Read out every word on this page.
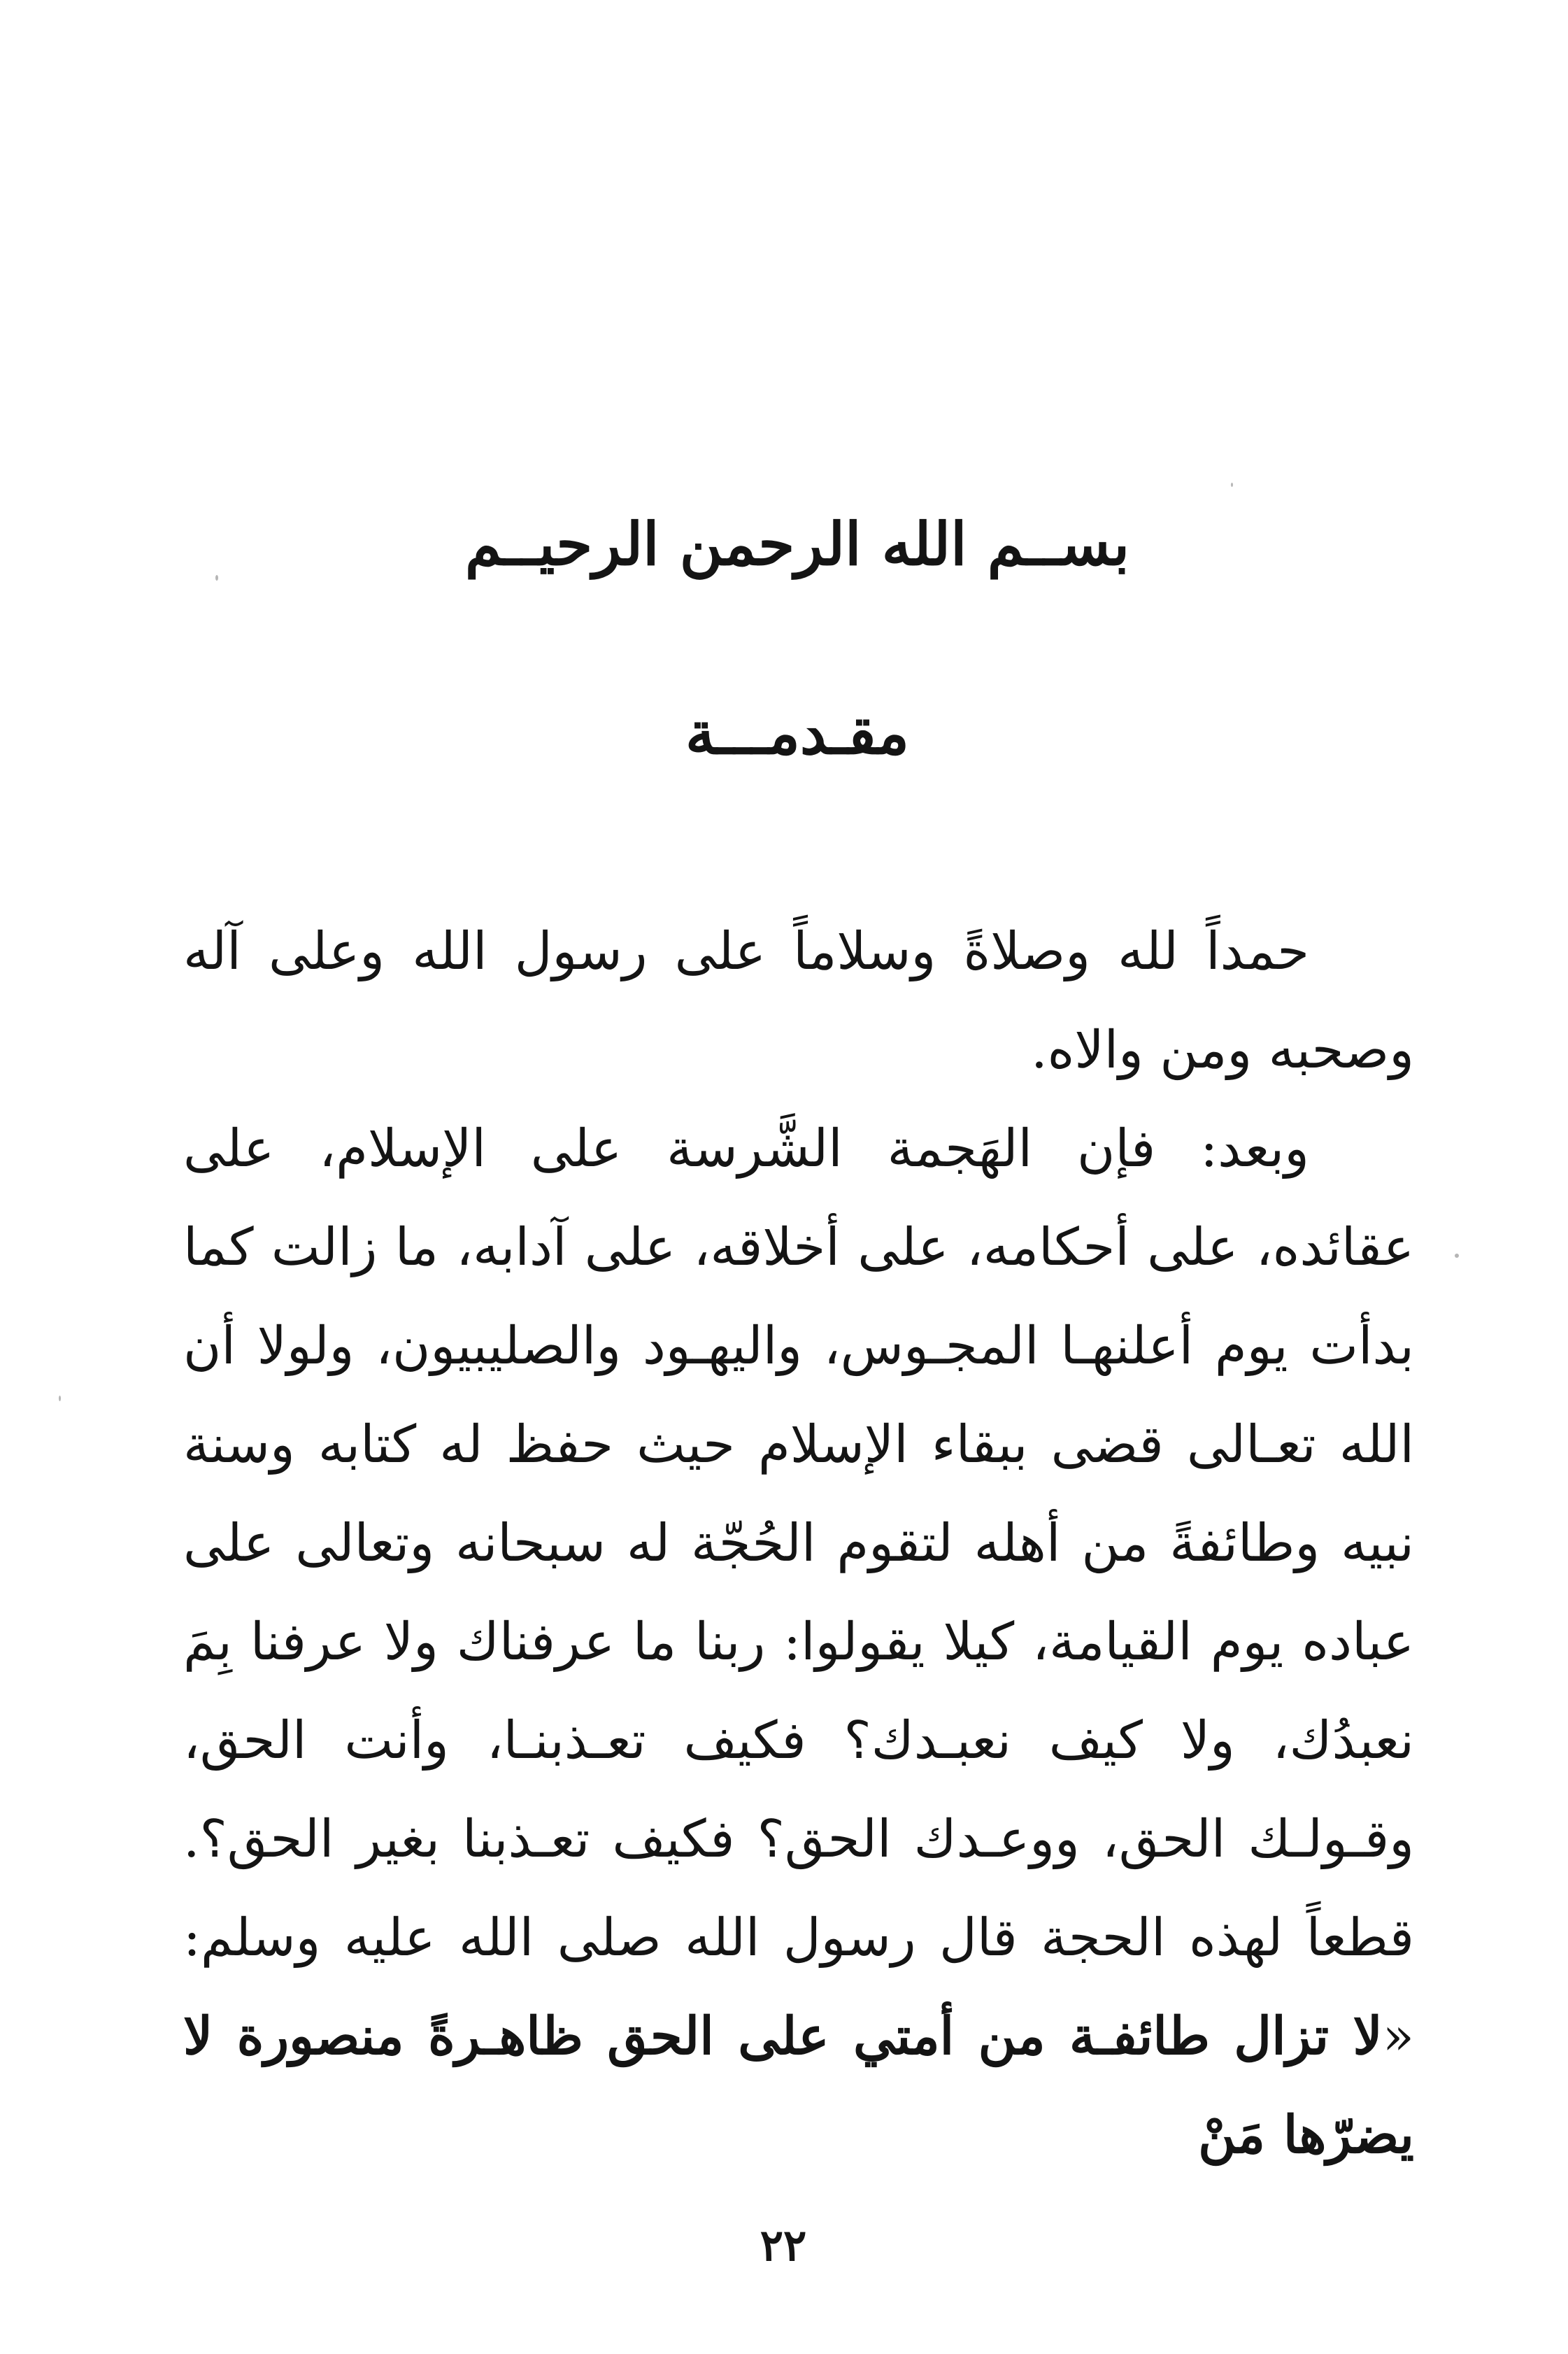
بســم الله الرحمن الرحيــم
مقـدمـــة

حمداً لله وصلاةً وسلاماً على رسول الله وعلى آله وصحبه ومن والاه.

وبعد: فإن الهَجمة الشَّرسة على الإسلام، على عقائده، على أحكامه، على أخلاقه، على آدابه، ما زالت كما بدأت يوم أعلنهـا المجـوس، واليهـود والصليبيون، ولولا أن الله تعـالى قضى ببقاء الإسلام حيث حفظ له كتابه وسنة نبيه وطائفةً من أهله لتقوم الحُجّة له سبحانه وتعالى على عباده يوم القيامة، كيلا يقولوا: ربنا ما عرفناك ولا عرفنا بِمَ نعبدُك، ولا كيف نعبـدك؟ فكيف تعـذبنـا، وأنت الحق، وقـولـك الحق، ووعـدك الحق؟ فكيف تعـذبنا بغير الحق؟. قطعاً لهذه الحجة قال رسول الله صلى الله عليه وسلم: «لا تزال طائفـة من أمتي على الحق ظاهـرةً منصورة لا يضرّها مَنْ

٢٢
